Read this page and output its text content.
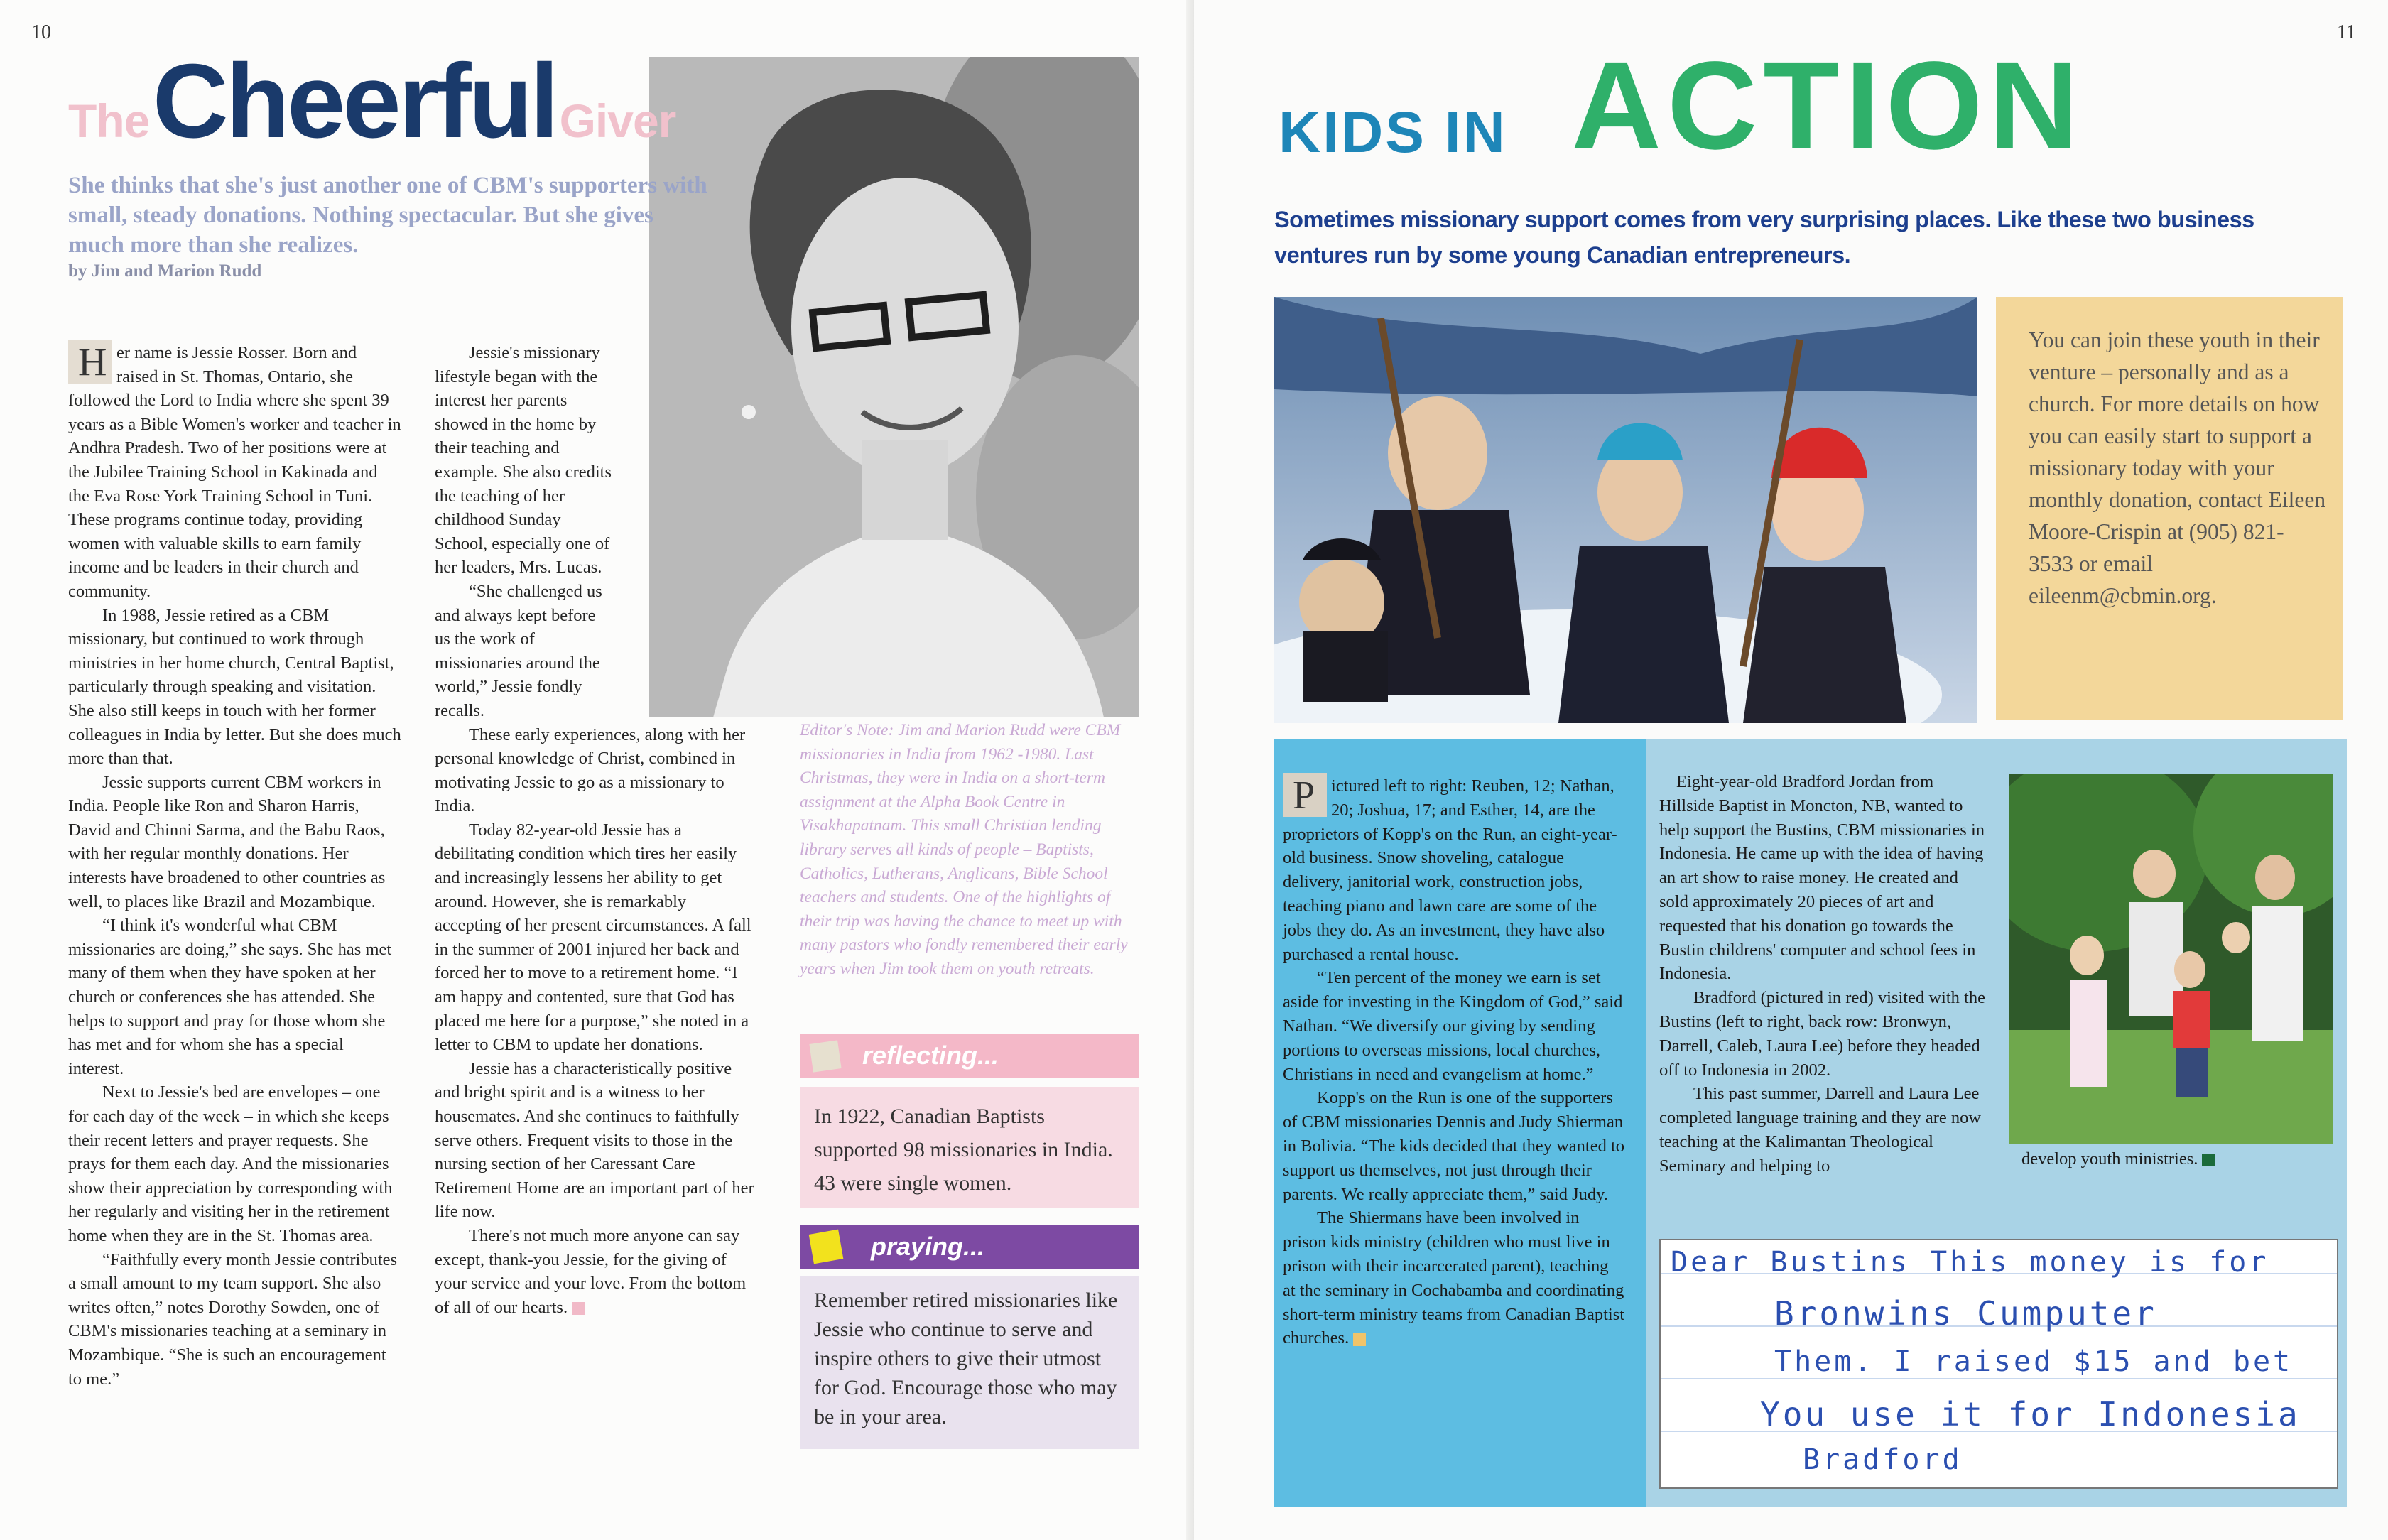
10
The Cheerful Giver
She thinks that she's just another one of CBM's supporters with small, steady donations. Nothing spectacular. But she gives much more than she realizes.
by Jim and Marion Rudd

H er name is Jessie Rosser. Born and raised in St. Thomas, Ontario, she followed the Lord to India where she spent 39 years as a Bible Women's worker and teacher in Andhra Pradesh. Two of her positions were at the Jubilee Training School in Kakinada and the Eva Rose York Training School in Tuni. These programs continue today, providing women with valuable skills to earn family income and be leaders in their church and community.

In 1988, Jessie retired as a CBM missionary, but continued to work through ministries in her home church, Central Baptist, particularly through speaking and visitation. She also still keeps in touch with her former colleagues in India by letter. But she does much more than that.

Jessie supports current CBM workers in India. People like Ron and Sharon Harris, David and Chinni Sarma, and the Babu Raos, with her regular monthly donations. Her interests have broadened to other countries as well, to places like Brazil and Mozambique.

“I think it's wonderful what CBM missionaries are doing,” she says. She has met many of them when they have spoken at her church or conferences she has attended. She helps to support and pray for those whom she has met and for whom she has a special interest.

Next to Jessie's bed are envelopes – one for each day of the week – in which she keeps their recent letters and prayer requests. She prays for them each day. And the missionaries show their appreciation by corresponding with her regularly and visiting her in the retirement home when they are in the St. Thomas area.

“Faithfully every month Jessie contributes a small amount to my team support. She also writes often,” notes Dorothy Sowden, one of CBM's missionaries teaching at a seminary in Mozambique. “She is such an encouragement to me.”

Jessie's missionary lifestyle began with the interest her parents showed in the home by their teaching and example. She also credits the teaching of her childhood Sunday School, especially one of her leaders, Mrs. Lucas.

“She challenged us and always kept before us the work of missionaries around the world,” Jessie fondly recalls.

These early experiences, along with her personal knowledge of Christ, combined in motivating Jessie to go as a missionary to India.

Today 82-year-old Jessie has a debilitating condition which tires her easily and increasingly lessens her ability to get around. However, she is remarkably accepting of her present circumstances. A fall in the summer of 2001 injured her back and forced her to move to a retirement home. “I am happy and contented, sure that God has placed me here for a purpose,” she noted in a letter to CBM to update her donations.

Jessie has a characteristically positive and bright spirit and is a witness to her housemates. And she continues to faithfully serve others. Frequent visits to those in the nursing section of her Caressant Care Retirement Home are an important part of her life now.

There's not much more anyone can say except, thank-you Jessie, for the giving of your service and your love. From the bottom of all of our hearts.

Editor's Note: Jim and Marion Rudd were CBM missionaries in India from 1962 -1980. Last Christmas, they were in India on a short-term assignment at the Alpha Book Centre in Visakhapatnam. This small Christian lending library serves all kinds of people – Baptists, Catholics, Lutherans, Anglicans, Bible School teachers and students. One of the highlights of their trip was having the chance to meet up with many pastors who fondly remembered their early years when Jim took them on youth retreats.
reflecting...
In 1922, Canadian Baptists supported 98 missionaries in India. 43 were single women.
praying...
Remember retired missionaries like Jessie who continue to serve and inspire others to give their utmost for God. Encourage those who may be in your area.
11
KIDS IN ACTION
Sometimes missionary support comes from very surprising places. Like these two business ventures run by some young Canadian entrepreneurs.
You can join these youth in their venture – personally and as a church. For more details on how you can easily start to support a missionary today with your monthly donation, contact Eileen Moore-Crispin at (905) 821-3533 or email eileenm@cbmin.org.

P ictured left to right: Reuben, 12; Nathan, 20; Joshua, 17; and Esther, 14, are the proprietors of Kopp's on the Run, an eight-year-old business. Snow shoveling, catalogue delivery, janitorial work, construction jobs, teaching piano and lawn care are some of the jobs they do. As an investment, they have also purchased a rental house.

“Ten percent of the money we earn is set aside for investing in the Kingdom of God,” said Nathan. “We diversify our giving by sending portions to overseas missions, local churches, Christians in need and evangelism at home.”

Kopp's on the Run is one of the supporters of CBM missionaries Dennis and Judy Shierman in Bolivia. “The kids decided that they wanted to support us themselves, not just through their parents. We really appreciate them,” said Judy.

The Shiermans have been involved in prison kids ministry (children who must live in prison with their incarcerated parent), teaching at the seminary in Cochabamba and coordinating short-term ministry teams from Canadian Baptist churches.

Eight-year-old Bradford Jordan from Hillside Baptist in Moncton, NB, wanted to help support the Bustins, CBM missionaries in Indonesia. He came up with the idea of having an art show to raise money. He created and sold approximately 20 pieces of art and requested that his donation go towards the Bustin childrens' computer and school fees in Indonesia.

Bradford (pictured in red) visited with the Bustins (left to right, back row: Bronwyn, Darrell, Caleb, Laura Lee) before they headed off to Indonesia in 2002.

This past summer, Darrell and Laura Lee completed language training and they are now teaching at the Kalimantan Theological Seminary and helping to	develop youth ministries.
Dear Bustins This money is for
Bronwins Cumputer
Them. I raised $15 and bet
You use it for Indonesia
Bradford
